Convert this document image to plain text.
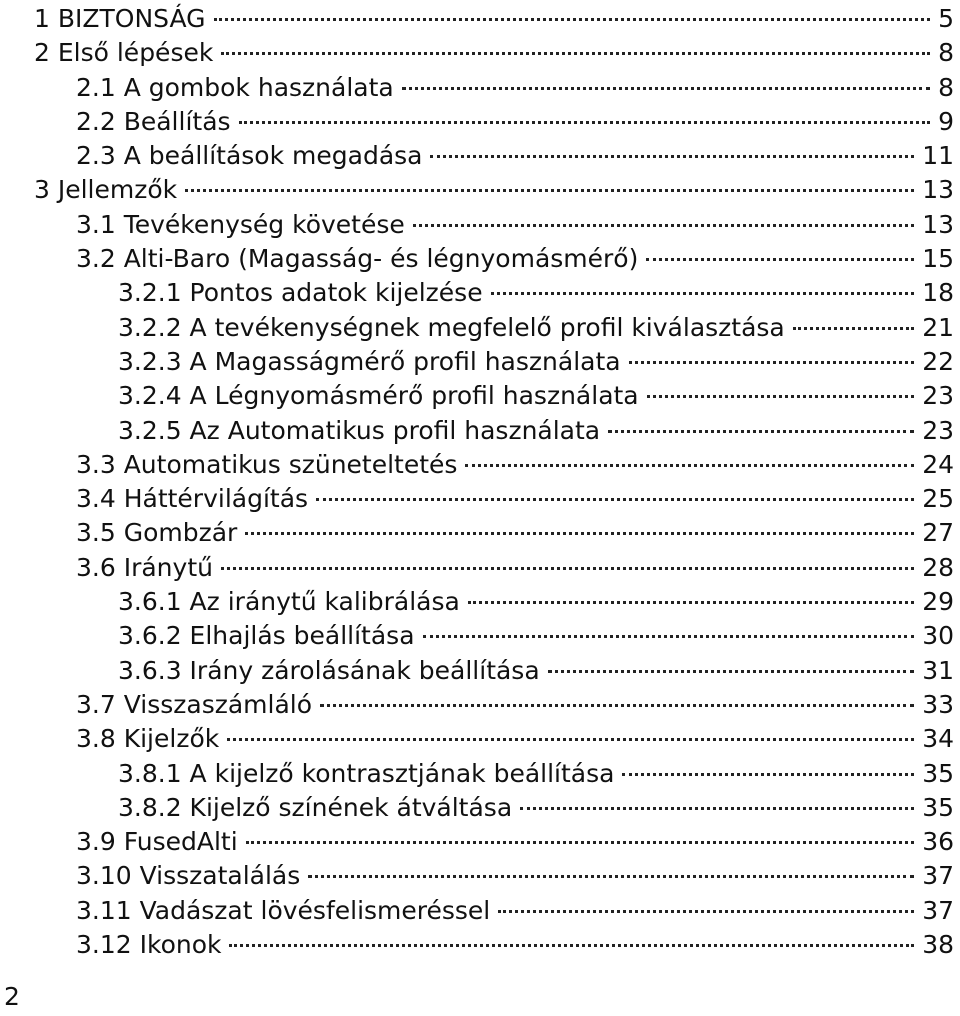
1 BIZTONSÁG	5
2 Első lépések	8
2.1 A gombok használata	8
2.2 Beállítás	9
2.3 A beállítások megadása	11
3 Jellemzők	13
3.1 Tevékenység követése	13
3.2 Alti-Baro (Magasság- és légnyomásmérő)	15
3.2.1 Pontos adatok kijelzése	18
3.2.2 A tevékenységnek megfelelő profil kiválasztása	21
3.2.3 A Magasságmérő profil használata	22
3.2.4 A Légnyomásmérő profil használata	23
3.2.5 Az Automatikus profil használata	23
3.3 Automatikus szüneteltetés	24
3.4 Háttérvilágítás	25
3.5 Gombzár	27
3.6 Iránytű	28
3.6.1 Az iránytű kalibrálása	29
3.6.2 Elhajlás beállítása	30
3.6.3 Irány zárolásának beállítása	31
3.7 Visszaszámláló	33
3.8 Kijelzők	34
3.8.1 A kijelző kontrasztjának beállítása	35
3.8.2 Kijelző színének átváltása	35
3.9 FusedAlti	36
3.10 Visszatalálás	37
3.11 Vadászat lövésfelismeréssel	37
3.12 Ikonok	38
2
